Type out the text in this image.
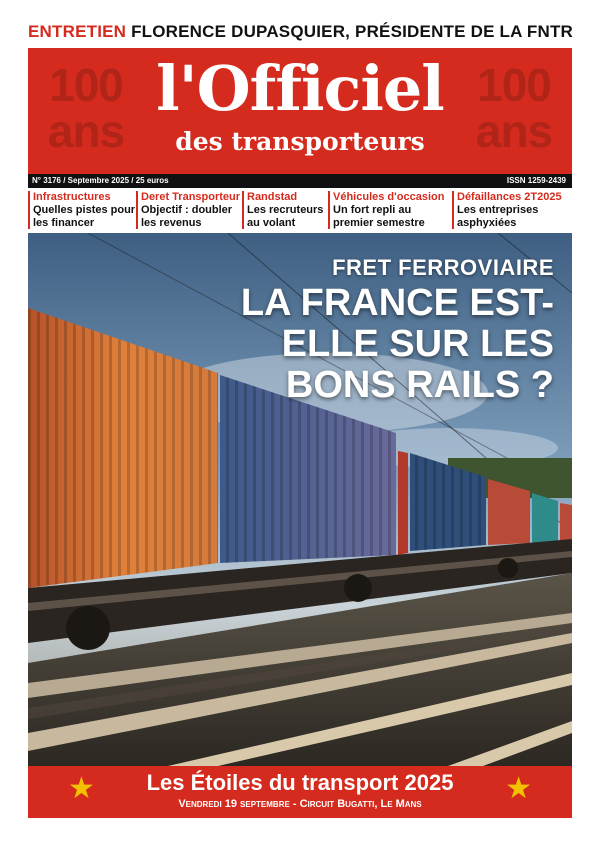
ENTRETIEN FLORENCE DUPASQUIER, PRÉSIDENTE DE LA FNTR
100
ans
l'Officiel
des transporteurs
100
ans
N° 3176 / Septembre 2025 / 25 euros	ISSN 1259-2439
Infrastructures
Quelles pistes pour les financer
Deret Transporteur
Objectif : doubler les revenus
Randstad
Les recruteurs au volant
Véhicules d'occasion
Un fort repli au premier semestre
Défaillances 2T2025
Les entreprises asphyxiées
FRET FERROVIAIRE
LA FRANCE EST-ELLE SUR LES BONS RAILS ?
★	Les Étoiles du transport 2025
Vendredi 19 septembre - Circuit Bugatti, Le Mans	★
